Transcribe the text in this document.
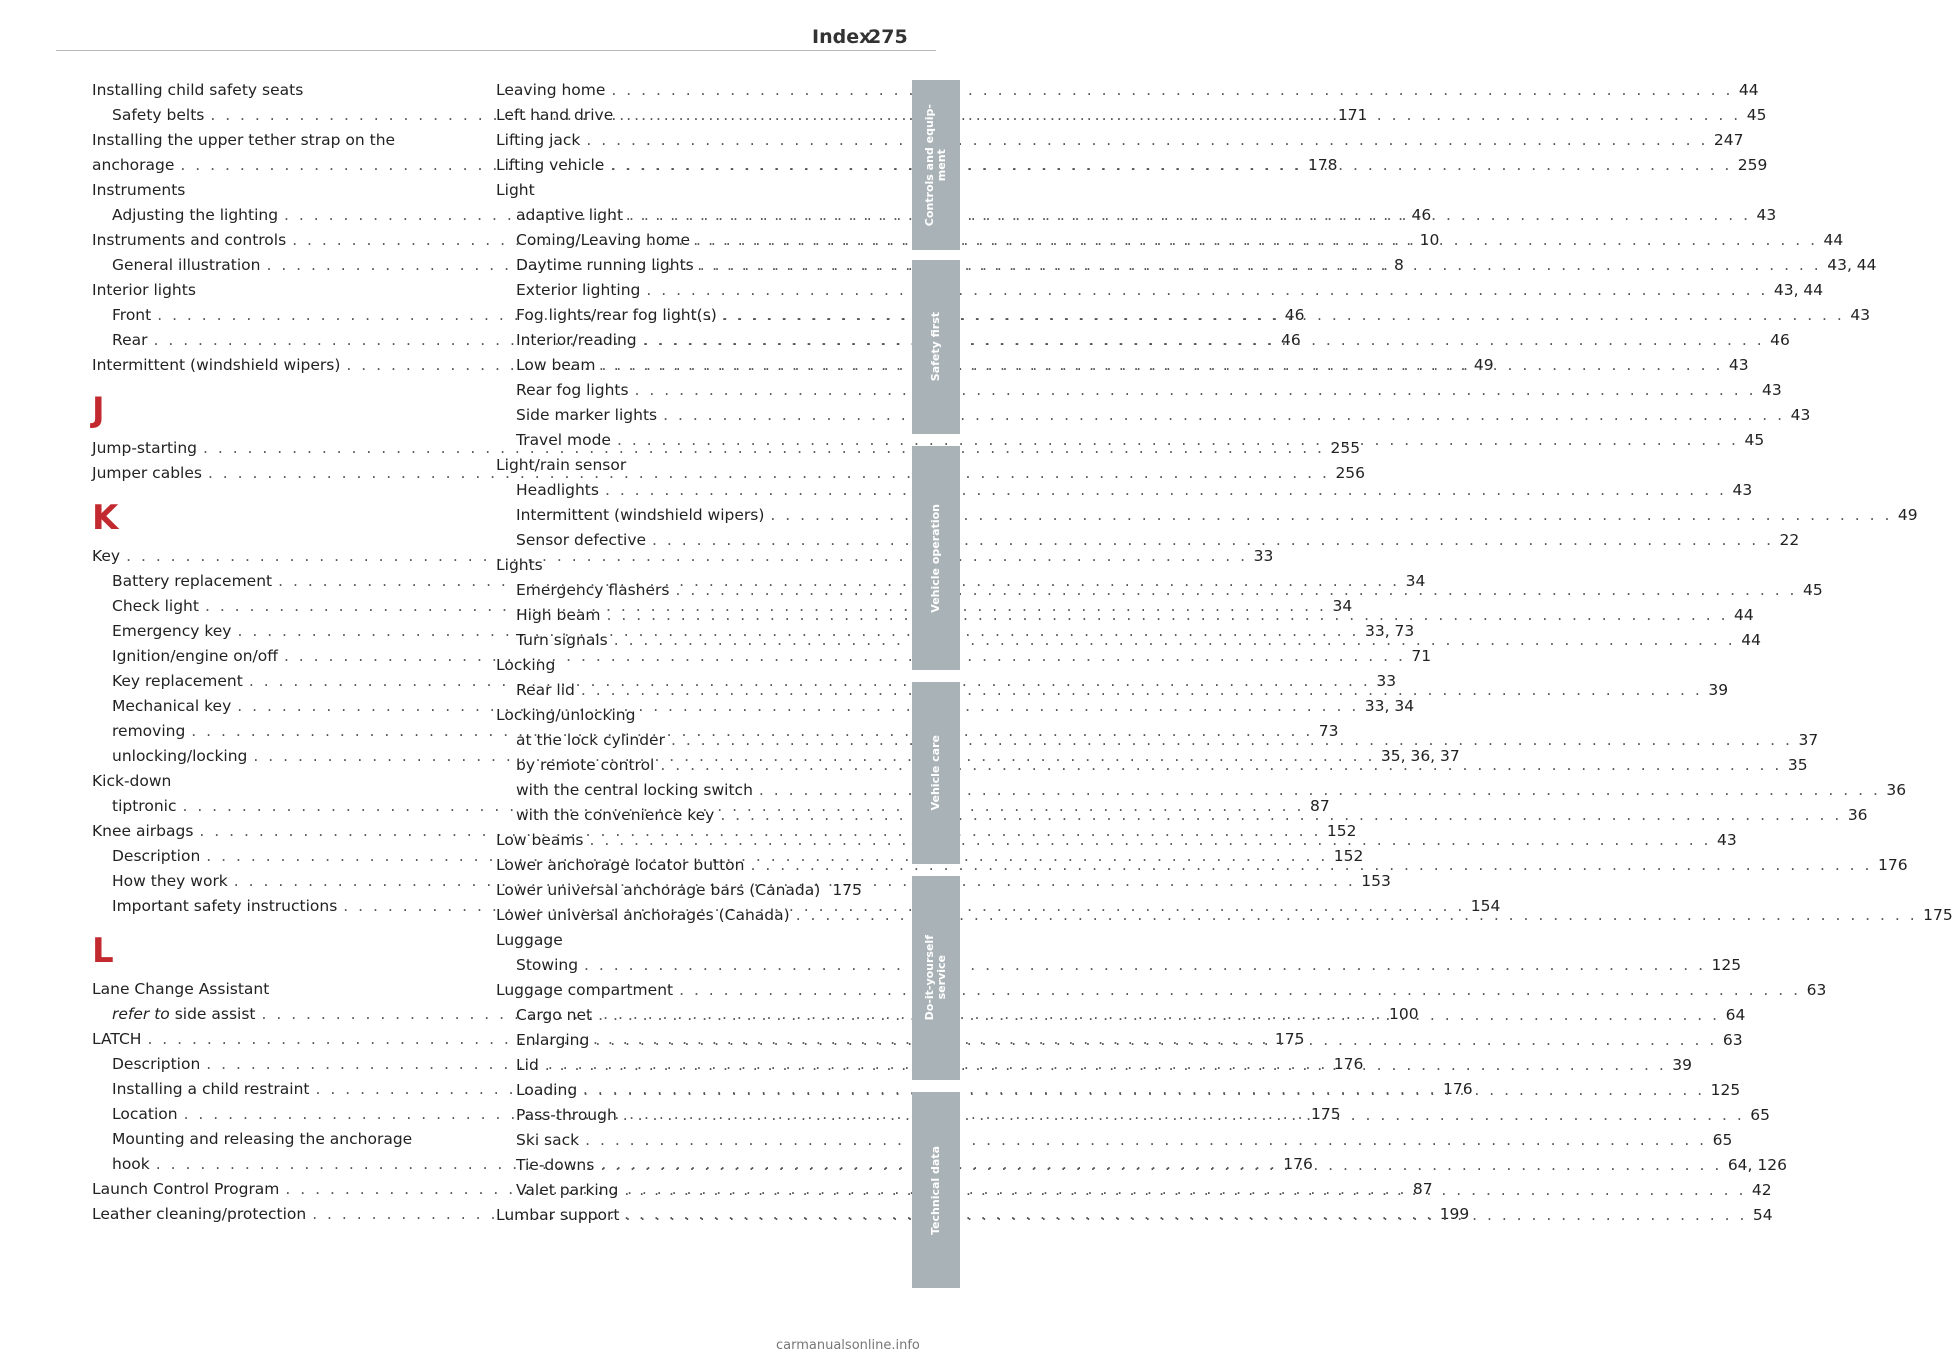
Index
275
Installing child safety seats
Safety belts . . .	171
Installing the upper tether strap on the
anchorage . . .	178
Instruments
Adjusting the lighting . . .	46
Instruments and controls . . .	10
General illustration . . .	8
Interior lights
Front . . .	46
Rear . . .	46
Intermittent (windshield wipers) . . .	49
J
Jump-starting . . .	255
Jumper cables . . .	256
K
Key . . .	33
Battery replacement . . .	34
Check light . . .	34
Emergency key . . .	33, 73
Ignition/engine on/off . . .	71
Key replacement . . .	33
Mechanical key . . .	33, 34
removing . . .	73
unlocking/locking . . .	35, 36, 37
Kick-down
tiptronic . . .	87
Knee airbags . . .	152
Description . . .	152
How they work . . .	153
Important safety instructions . . .	154
L
Lane Change Assistant
refer to side assist . . .	100
LATCH . . .	175
Description . . .	176
Installing a child restraint . . .	176
Location . . .	175
Mounting and releasing the anchorage
hook . . .	176
Launch Control Program . . .	87
Leather cleaning/protection . . .	199
Leaving home . . .	44
Left hand drive . . .	45
Lifting jack . . .	247
Lifting vehicle . . .	259
Light
adaptive light . . .	43
Coming/Leaving home . . .	44
Daytime running lights . . .	43, 44
Exterior lighting . . .	43, 44
Fog lights/rear fog light(s) . . .	43
Interior/reading . . .	46
Low beam . . .	43
Rear fog lights . . .	43
Side marker lights . . .	43
Travel mode . . .	45
Light/rain sensor
Headlights . . .	43
Intermittent (windshield wipers) . . .	49
Sensor defective . . .	22
Lights
Emergency flashers . . .	45
High beam . . .	44
Turn signals . . .	44
Locking
Rear lid . . .	39
Locking/unlocking
at the lock cylinder . . .	37
by remote control . . .	35
with the central locking switch . . .	36
with the convenience key . . .	36
Low beams . . .	43
Lower anchorage locator button . . .	176
Lower universal anchorage bars (Canada) 175
Lower universal anchorages (Canada) . . .	175
Luggage
Stowing . . .	125
Luggage compartment . . .	63
Cargo net . . .	64
Enlarging . . .	63
Lid . . .	39
Loading . . .	125
Pass-through . . .	65
Ski sack . . .	65
Tie-downs . . .	64, 126
Valet parking . . .	42
Lumbar support . . .	54
Controls and equip-
ment
Safety first
Vehicle operation
Vehicle care
Do-it-yourself
service
Technical data
carmanualsonline.info
